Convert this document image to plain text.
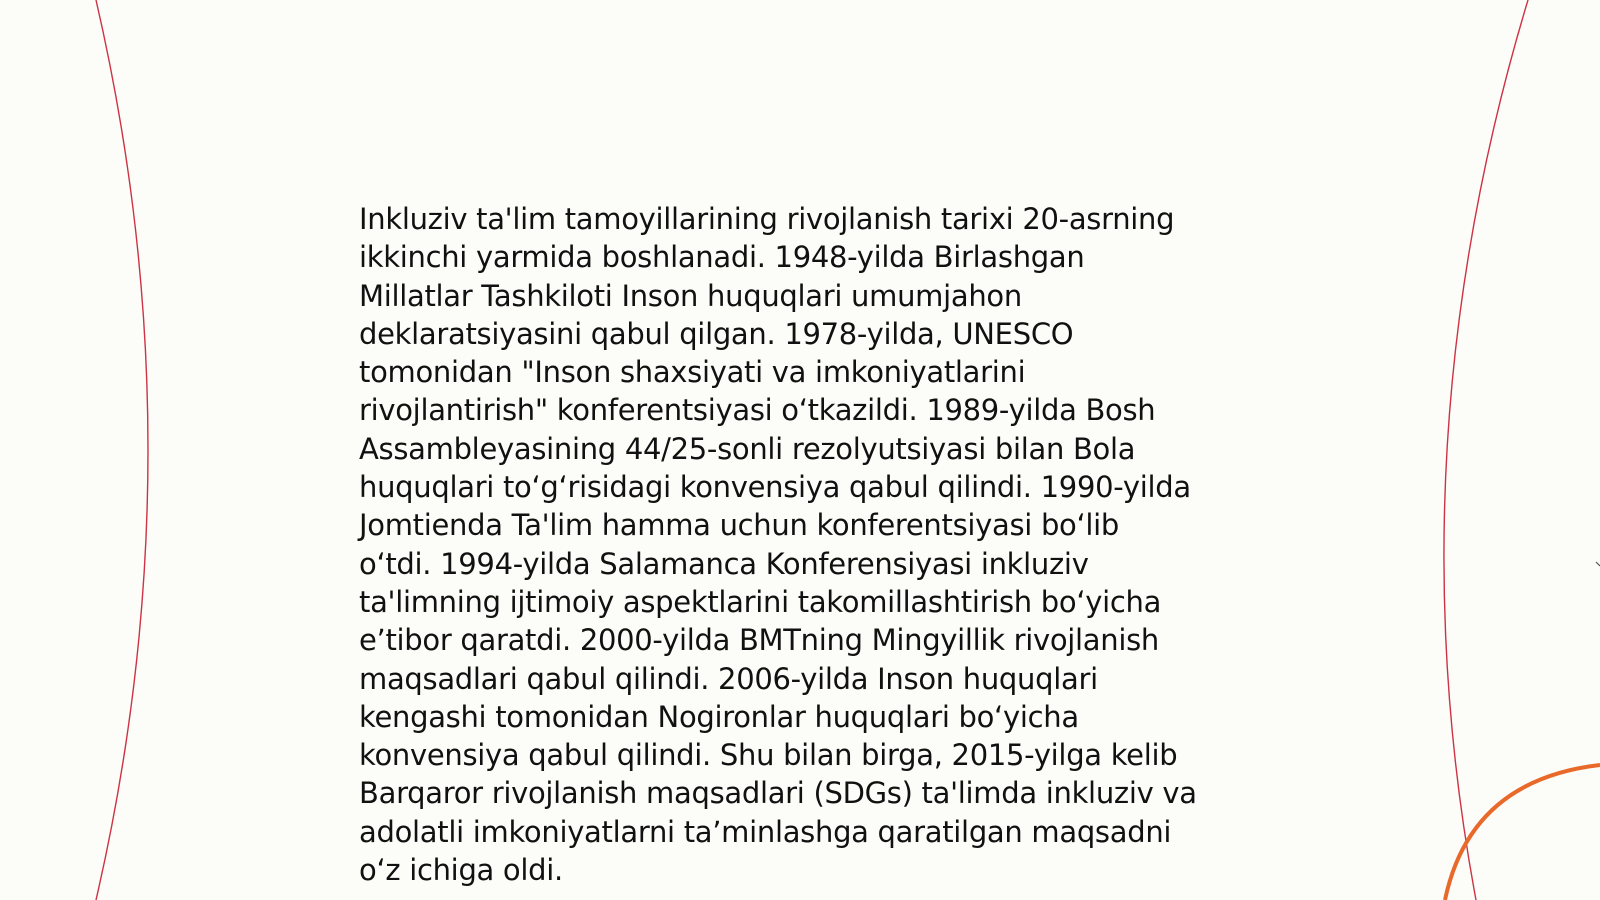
Inkluziv ta'lim tamoyillarining rivojlanish tarixi 20-asrning
ikkinchi yarmida boshlanadi. 1948-yilda Birlashgan
Millatlar Tashkiloti Inson huquqlari umumjahon
deklaratsiyasini qabul qilgan. 1978-yilda, UNESCO
tomonidan "Inson shaxsiyati va imkoniyatlarini
rivojlantirish" konferentsiyasi o‘tkazildi. 1989-yilda Bosh
Assambleyasining 44/25-sonli rezolyutsiyasi bilan Bola
huquqlari to‘g‘risidagi konvensiya qabul qilindi. 1990-yilda
Jomtienda Ta'lim hamma uchun konferentsiyasi bo‘lib
o‘tdi. 1994-yilda Salamanca Konferensiyasi inkluziv
ta'limning ijtimoiy aspektlarini takomillashtirish bo‘yicha
e’tibor qaratdi. 2000-yilda BMTning Mingyillik rivojlanish
maqsadlari qabul qilindi. 2006-yilda Inson huquqlari
kengashi tomonidan Nogironlar huquqlari bo‘yicha
konvensiya qabul qilindi. Shu bilan birga, 2015-yilga kelib
Barqaror rivojlanish maqsadlari (SDGs) ta'limda inkluziv va
adolatli imkoniyatlarni ta’minlashga qaratilgan maqsadni
o‘z ichiga oldi.
